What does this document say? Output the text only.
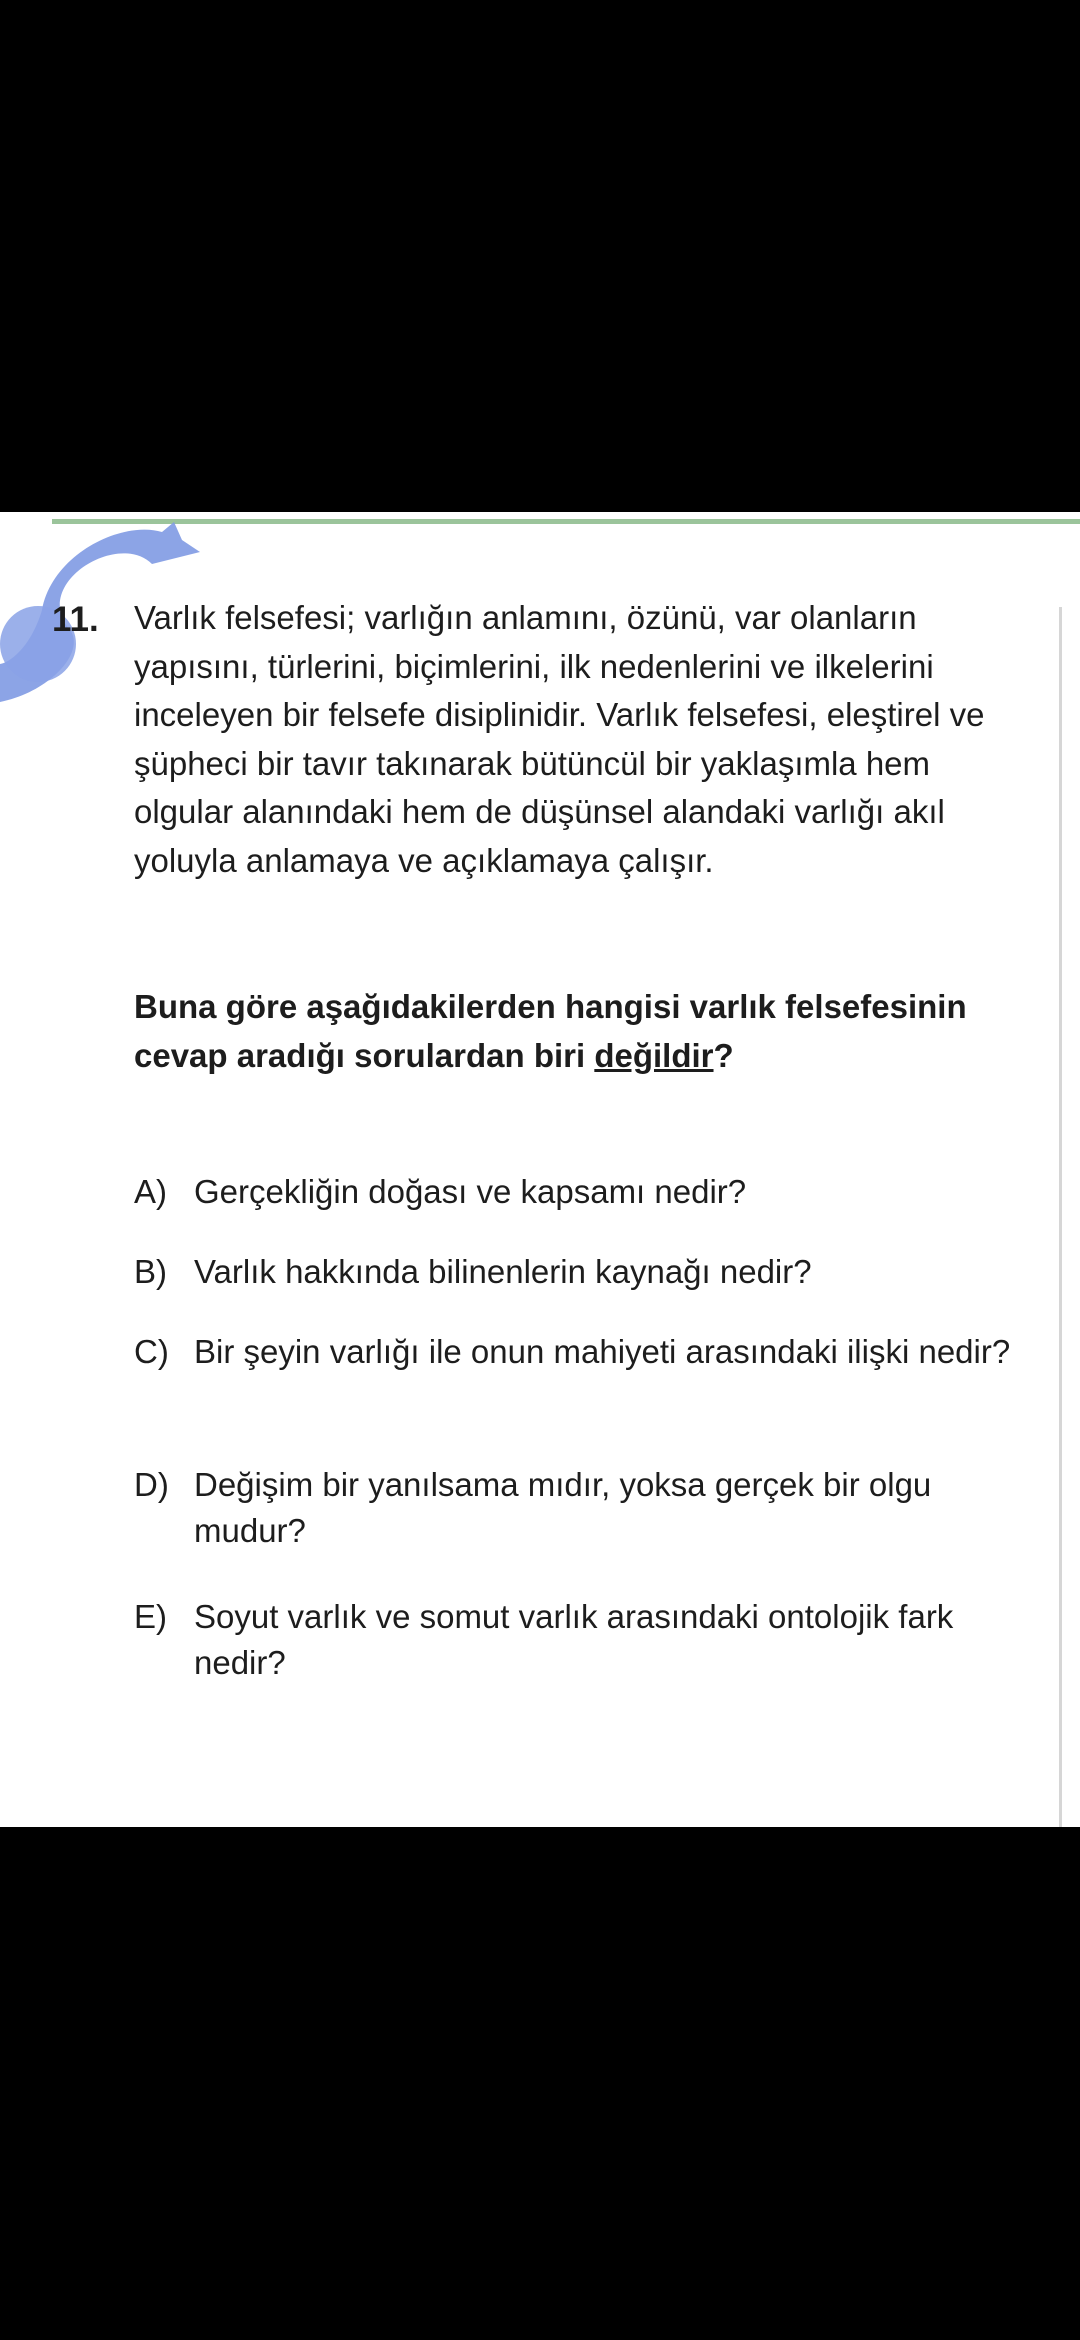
11. Varlık felsefesi; varlığın anlamını, özünü, var olanların yapısını, türlerini, biçimlerini, ilk nedenlerini ve ilkelerini inceleyen bir felsefe disiplinidir. Varlık felsefesi, eleştirel ve şüpheci bir tavır takınarak bütüncül bir yaklaşımla hem olgular alanındaki hem de düşünsel alandaki varlığı akıl yoluyla anlamaya ve açıklamaya çalışır.

Buna göre aşağıdakilerden hangisi varlık felsefesinin cevap aradığı sorulardan biri değildir?

A) Gerçekliğin doğası ve kapsamı nedir?
B) Varlık hakkında bilinenlerin kaynağı nedir?
C) Bir şeyin varlığı ile onun mahiyeti arasındaki ilişki nedir?
D) Değişim bir yanılsama mıdır, yoksa gerçek bir olgu mudur?
E) Soyut varlık ve somut varlık arasındaki ontolojik fark nedir?
